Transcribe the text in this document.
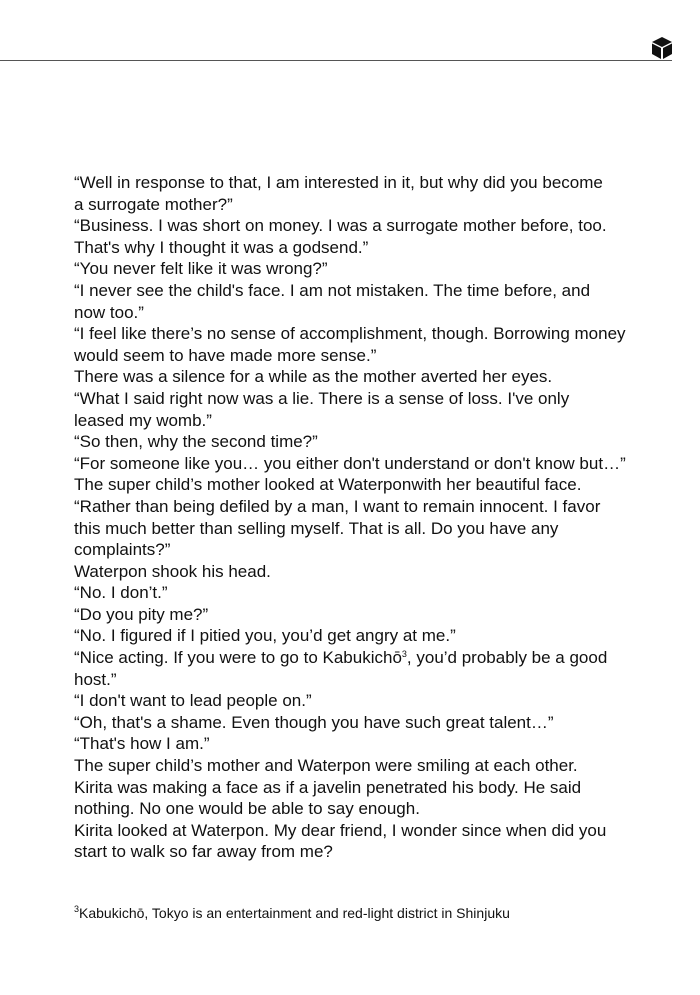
“Well in response to that, I am interested in it, but why did you become

a surrogate mother?”

“Business. I was short on money. I was a surrogate mother before, too.

That's why I thought it was a godsend.”

“You never felt like it was wrong?”

“I never see the child's face. I am not mistaken. The time before, and

now too.”

“I feel like there’s no sense of accomplishment, though. Borrowing money

would seem to have made more sense.”

There was a silence for a while as the mother averted her eyes.

“What I said right now was a lie. There is a sense of loss. I've only

leased my womb.”

“So then, why the second time?”

“For someone like you… you either don't understand or don't know but…”

The super child’s mother looked at Waterponwith her beautiful face.

“Rather than being defiled by a man, I want to remain innocent. I favor

this much better than selling myself. That is all. Do you have any

complaints?”

Waterpon shook his head.

“No. I don’t.”

“Do you pity me?”

“No. I figured if I pitied you, you’d get angry at me.”

“Nice acting. If you were to go to Kabukichō$^3$, you’d probably be a good

host.”

“I don't want to lead people on.”

“Oh, that's a shame. Even though you have such great talent…”

“That's how I am.”

The super child’s mother and Waterpon were smiling at each other.

Kirita was making a face as if a javelin penetrated his body. He said

nothing. No one would be able to say enough.

Kirita looked at Waterpon. My dear friend, I wonder since when did you

start to walk so far away from me?

$^3$Kabukichō, Tokyo is an entertainment and red-light district in Shinjuku
